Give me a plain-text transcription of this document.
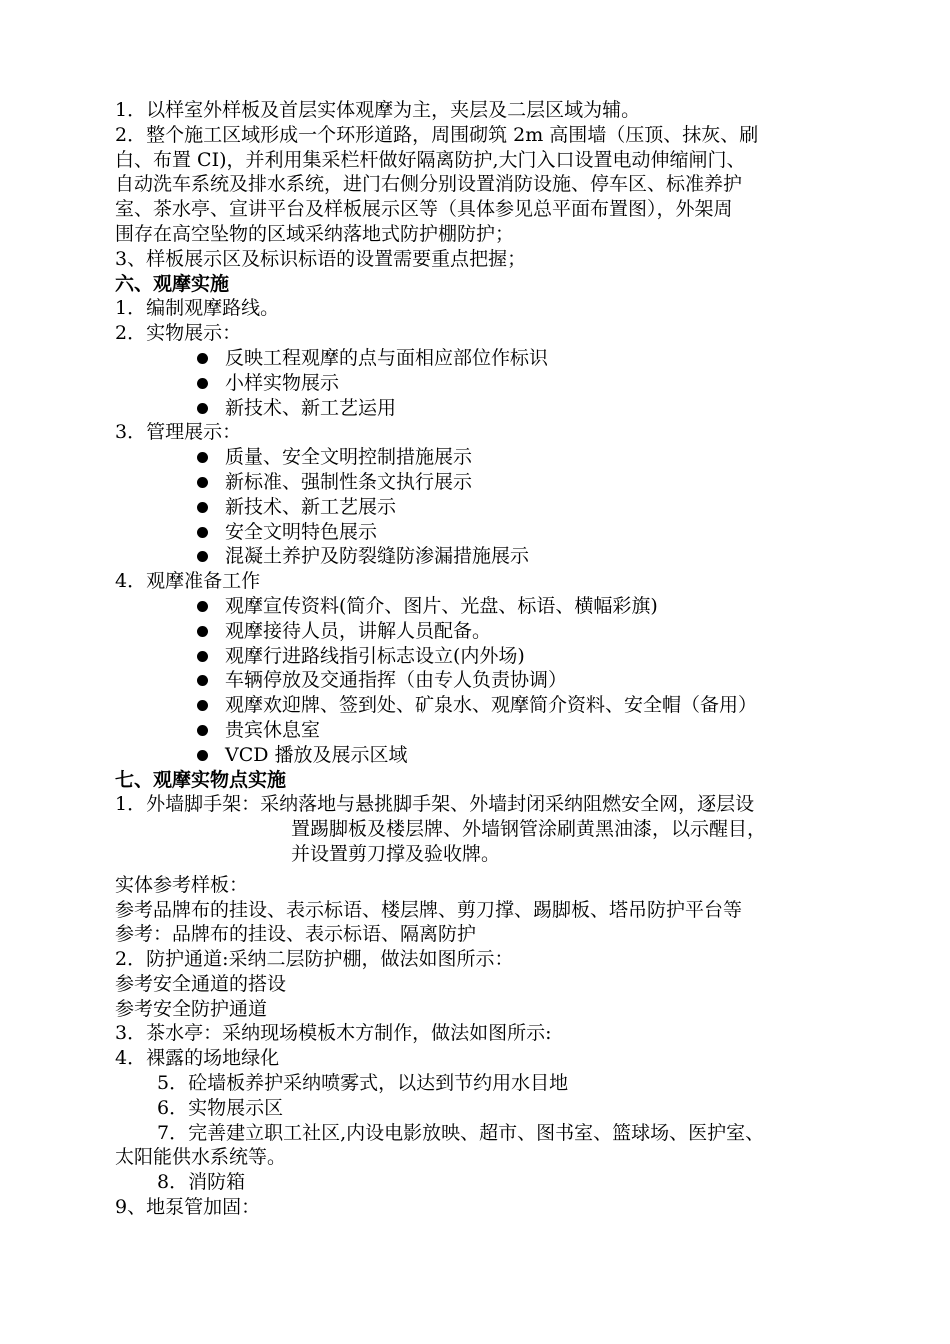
1．以样室外样板及首层实体观摩为主，夹层及二层区域为辅。
2．整个施工区域形成一个环形道路，周围砌筑 2m 高围墙（压顶、抹灰、刷
白、布置 CI)，并利用集采栏杆做好隔离防护,大门入口设置电动伸缩闸门、
自动洗车系统及排水系统，进门右侧分别设置消防设施、停车区、标准养护
室、茶水亭、宣讲平台及样板展示区等（具体参见总平面布置图），外架周
围存在高空坠物的区域采纳落地式防护棚防护；
3、样板展示区及标识标语的设置需要重点把握；
六、观摩实施
1．编制观摩路线。
2．实物展示：
反映工程观摩的点与面相应部位作标识
小样实物展示
新技术、新工艺运用
3．管理展示：
质量、安全文明控制措施展示
新标准、强制性条文执行展示
新技术、新工艺展示
安全文明特色展示
混凝土养护及防裂缝防渗漏措施展示
4．观摩准备工作
观摩宣传资料(简介、图片、光盘、标语、横幅彩旗)
观摩接待人员，讲解人员配备。
观摩行进路线指引标志设立(内外场)
车辆停放及交通指挥（由专人负责协调）
观摩欢迎牌、签到处、矿泉水、观摩简介资料、安全帽（备用）
贵宾休息室
VCD 播放及展示区域
七、观摩实物点实施
1．外墙脚手架：采纳落地与悬挑脚手架、外墙封闭采纳阻燃安全网，逐层设
置踢脚板及楼层牌、外墙钢管涂刷黄黑油漆，以示醒目，
并设置剪刀撑及验收牌。
实体参考样板：
参考品牌布的挂设、表示标语、楼层牌、剪刀撑、踢脚板、塔吊防护平台等
参考：品牌布的挂设、表示标语、隔离防护
2．防护通道:采纳二层防护棚，做法如图所示：
参考安全通道的搭设
参考安全防护通道
3．茶水亭：采纳现场模板木方制作，做法如图所示:
4．裸露的场地绿化
5．砼墙板养护采纳喷雾式，以达到节约用水目地
6．实物展示区
7．完善建立职工社区,内设电影放映、超市、图书室、篮球场、医护室、
太阳能供水系统等。
8．消防箱
9、地泵管加固：
